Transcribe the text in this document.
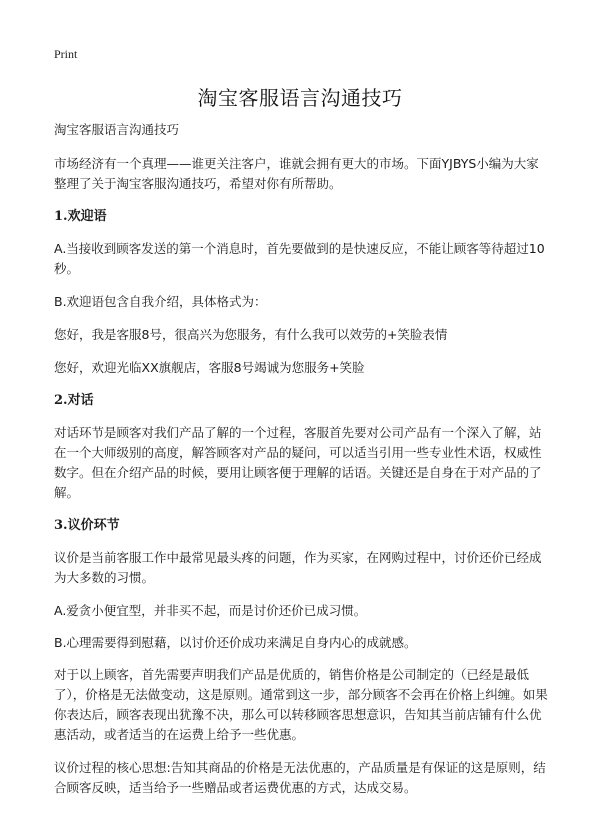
Print
淘宝客服语言沟通技巧

淘宝客服语言沟通技巧

市场经济有一个真理——谁更关注客户，谁就会拥有更大的市场。下面YJBYS小编为大家整理了关于淘宝客服沟通技巧，希望对你有所帮助。

1.欢迎语

A.当接收到顾客发送的第一个消息时，首先要做到的是快速反应，不能让顾客等待超过10秒。

B.欢迎语包含自我介绍，具体格式为：

您好，我是客服8号，很高兴为您服务，有什么我可以效劳的+笑脸表情

您好，欢迎光临XX旗舰店，客服8号竭诚为您服务+笑脸

2.对话

对话环节是顾客对我们产品了解的一个过程，客服首先要对公司产品有一个深入了解，站在一个大师级别的高度，解答顾客对产品的疑问，可以适当引用一些专业性术语，权威性数字。但在介绍产品的时候，要用让顾客便于理解的话语。关键还是自身在于对产品的了解。

3.议价环节

议价是当前客服工作中最常见最头疼的问题，作为买家，在网购过程中，讨价还价已经成为大多数的习惯。

A.爱贪小便宜型，并非买不起，而是讨价还价已成习惯。

B.心理需要得到慰藉，以讨价还价成功来满足自身内心的成就感。

对于以上顾客，首先需要声明我们产品是优质的，销售价格是公司制定的（已经是最低了），价格是无法做变动，这是原则。通常到这一步，部分顾客不会再在价格上纠缠。如果你表达后，顾客表现出犹豫不决，那么可以转移顾客思想意识，告知其当前店铺有什么优惠活动，或者适当的在运费上给予一些优惠。

议价过程的核心思想:告知其商品的价格是无法优惠的，产品质量是有保证的这是原则，结合顾客反映，适当给予一些赠品或者运费优惠的方式，达成交易。
